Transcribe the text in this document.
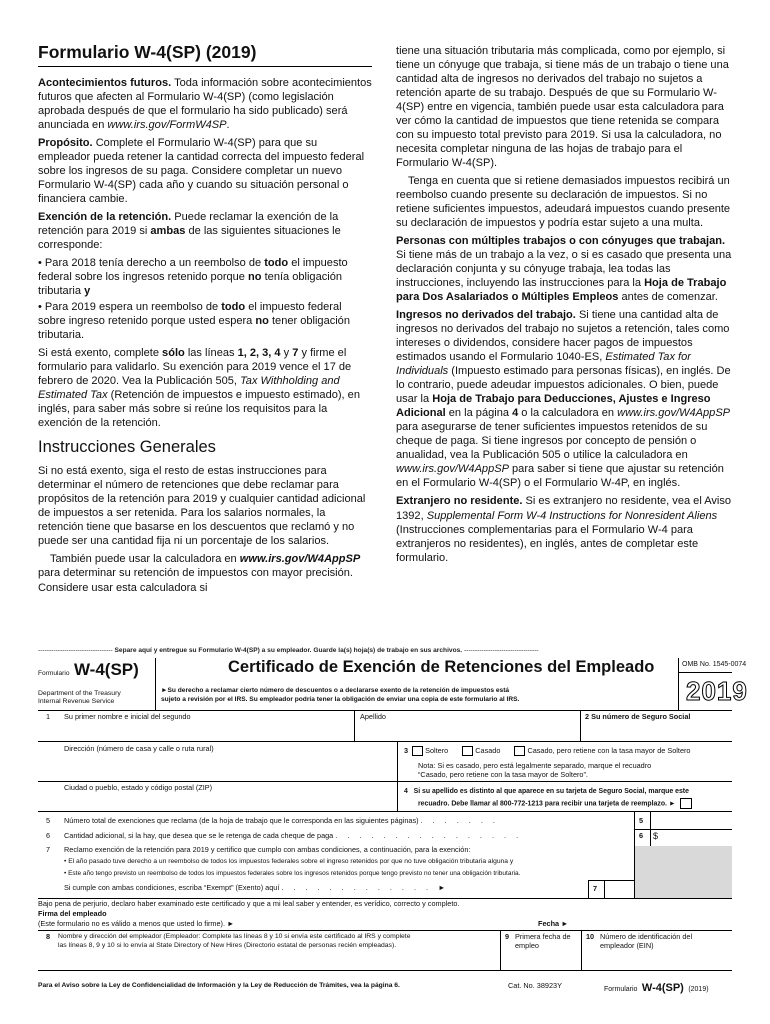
Formulario W-4(SP) (2019)

Acontecimientos futuros. Toda información sobre acontecimientos futuros que afecten al Formulario W-4(SP) (como legislación aprobada después de que el formulario ha sido publicado) será anunciada en www.irs.gov/FormW4SP.

Propósito. Complete el Formulario W-4(SP) para que su empleador pueda retener la cantidad correcta del impuesto federal sobre los ingresos de su paga. Considere completar un nuevo Formulario W-4(SP) cada año y cuando su situación personal o financiera cambie.

Exención de la retención. Puede reclamar la exención de la retención para 2019 si ambas de las siguientes situaciones le corresponde:

• Para 2018 tenía derecho a un reembolso de todo el impuesto federal sobre los ingresos retenido porque no tenía obligación tributaria y

• Para 2019 espera un reembolso de todo el impuesto federal sobre ingreso retenido porque usted espera no tener obligación tributaria.

Si está exento, complete sólo las líneas 1, 2, 3, 4 y 7 y firme el formulario para validarlo. Su exención para 2019 vence el 17 de febrero de 2020. Vea la Publicación 505, Tax Withholding and Estimated Tax (Retención de impuestos e impuesto estimado), en inglés, para saber más sobre si reúne los requisitos para la exención de la retención.

Instrucciones Generales

Si no está exento, siga el resto de estas instrucciones para determinar el número de retenciones que debe reclamar para propósitos de la retención para 2019 y cualquier cantidad adicional de impuestos a ser retenida. Para los salarios normales, la retención tiene que basarse en los descuentos que reclamó y no puede ser una cantidad fija ni un porcentaje de los salarios.

También puede usar la calculadora en www.irs.gov/W4AppSP para determinar su retención de impuestos con mayor precisión. Considere usar esta calculadora si

tiene una situación tributaria más complicada, como por ejemplo, si tiene un cónyuge que trabaja, si tiene más de un trabajo o tiene una cantidad alta de ingresos no derivados del trabajo no sujetos a retención aparte de su trabajo. Después de que su Formulario W-4(SP) entre en vigencia, también puede usar esta calculadora para ver cómo la cantidad de impuestos que tiene retenida se compara con su impuesto total previsto para 2019. Si usa la calculadora, no necesita completar ninguna de las hojas de trabajo para el Formulario W-4(SP).

Tenga en cuenta que si retiene demasiados impuestos recibirá un reembolso cuando presente su declaración de impuestos. Si no retiene suficientes impuestos, adeudará impuestos cuando presente su declaración de impuestos y podría estar sujeto a una multa.

Personas con múltiples trabajos o con cónyuges que trabajan. Si tiene más de un trabajo a la vez, o si es casado que presenta una declaración conjunta y su cónyuge trabaja, lea todas las instrucciones, incluyendo las instrucciones para la Hoja de Trabajo para Dos Asalariados o Múltiples Empleos antes de comenzar.

Ingresos no derivados del trabajo. Si tiene una cantidad alta de ingresos no derivados del trabajo no sujetos a retención, tales como intereses o dividendos, considere hacer pagos de impuestos estimados usando el Formulario 1040-ES, Estimated Tax for Individuals (Impuesto estimado para personas físicas), en inglés. De lo contrario, puede adeudar impuestos adicionales. O bien, puede usar la Hoja de Trabajo para Deducciones, Ajustes e Ingreso Adicional en la página 4 o la calculadora en www.irs.gov/W4AppSP para asegurarse de tener suficientes impuestos retenidos de su cheque de paga. Si tiene ingresos por concepto de pensión o anualidad, vea la Publicación 505 o utilice la calculadora en www.irs.gov/W4AppSP para saber si tiene que ajustar su retención en el Formulario W-4(SP) o el Formulario W-4P, en inglés.

Extranjero no residente. Si es extranjero no residente, vea el Aviso 1392, Supplemental Form W-4 Instructions for Nonresident Aliens (Instrucciones complementarias para el Formulario W-4 para extranjeros no residentes), en inglés, antes de completar este formulario.

---------------------------------- Separe aquí y entregue su Formulario W-4(SP) a su empleador. Guarde la(s) hoja(s) de trabajo en sus archivos. ----------------------------------
Formulario W-4(SP)
Department of the Treasury
Internal Revenue Service
Certificado de Exención de Retenciones del Empleado
►Su derecho a reclamar cierto número de descuentos o a declararse exento de la retención de impuestos está
sujeto a revisión por el IRS. Su empleador podría tener la obligación de enviar una copia de este formulario al IRS.
OMB No. 1545-0074
2019
1 Su primer nombre e inicial del segundo	Apellido	2 Su número de Seguro Social
Dirección (número de casa y calle o ruta rural)	3 Soltero	Casado	Casado, pero retiene con la tasa mayor de Soltero
Nota: Si es casado, pero está legalmente separado, marque el recuadro
“Casado, pero retiene con la tasa mayor de Soltero”.
Ciudad o pueblo, estado y código postal (ZIP)	4 Si su apellido es distinto al que aparece en su tarjeta de Seguro Social, marque este
recuadro. Debe llamar al 800-772-1213 para recibir una tarjeta de reemplazo. ►
5 Número total de exenciones que reclama (de la hoja de trabajo que le corresponda en las siguientes páginas) . . . . . . .
6 Cantidad adicional, si la hay, que desea que se le retenga de cada cheque de paga . . . . . . . . . . . . . . . .
7 Reclamo exención de la retención para 2019 y certifico que cumplo con ambas condiciones, a continuación, para la exención:
• El año pasado tuve derecho a un reembolso de todos los impuestos federales sobre el ingreso retenidos por que no tuve obligación tributaria alguna y
• Este año tengo previsto un reembolso de todos los impuestos federales sobre los ingresos retenidos porque tengo previsto no tener una obligación tributaria.
Si cumple con ambas condiciones, escriba “Exempt” (Exento) aquí . . . . . . . . . . . . . ►
5
6 $
7
Bajo pena de perjurio, declaro haber examinado este certificado y que a mi leal saber y entender, es verídico, correcto y completo.
Firma del empleado
(Este formulario no es válido a menos que usted lo firme). ►	Fecha ►
8 Nombre y dirección del empleador (Empleador: Complete las líneas 8 y 10 si envía este certificado al IRS y complete
las líneas 8, 9 y 10 si lo envía al State Directory of New Hires (Directorio estatal de personas recién empleadas).
9 Primera fecha de empleo
10 Número de identificación del empleador (EIN)
Para el Aviso sobre la Ley de Confidencialidad de Información y la Ley de Reducción de Trámites, vea la página 6.	Cat. No. 38923Y	Formulario W-4(SP) (2019)
